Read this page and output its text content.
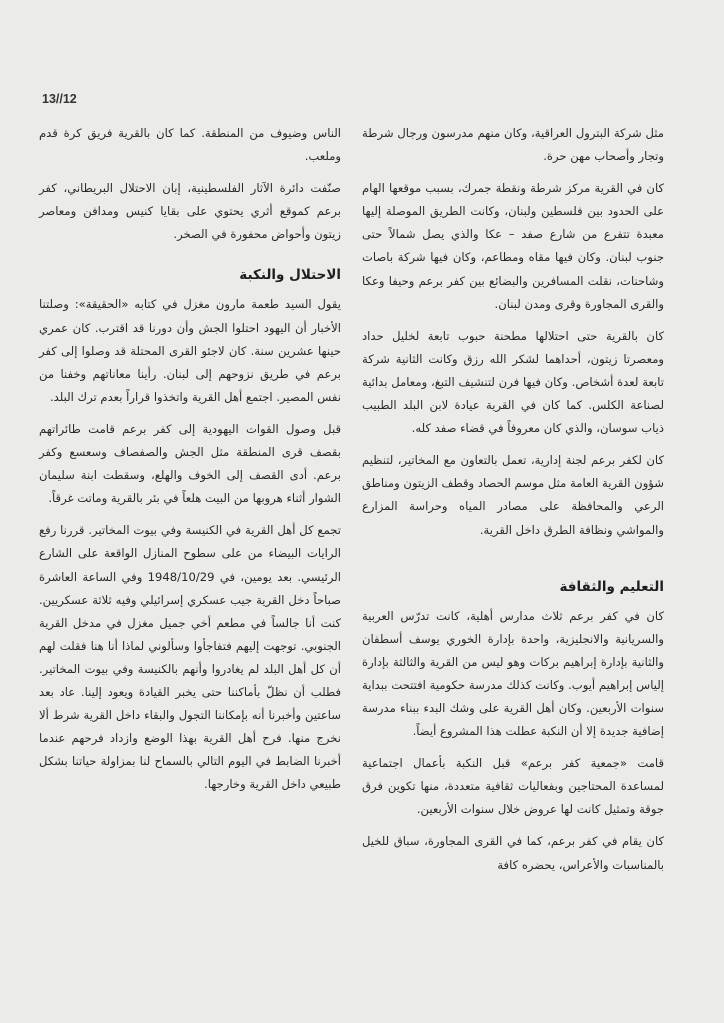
13//12

الناس وضيوف من المنطقة. كما كان بالقرية فريق كرة قدم وملعب.

صنّفت دائرة الآثار الفلسطينية، إبان الاحتلال البريطاني، كفر برعم كموقع أثري يحتوي على بقايا كنيس ومدافن ومعاصر زيتون وأحواض محفورة في الصخر.

الاحتلال والنكبة

يقول السيد طعمة مارون مغزل في كتابه «الحقيقة»: وصلتنا الأخبار أن اليهود احتلوا الجش وأن دورنا قد اقترب. كان عمري حينها عشرين سنة. كان لاجئو القرى المحتلة قد وصلوا إلى كفر برعم في طريق نزوحهم إلى لبنان. رأينا معاناتهم وخفنا من نفس المصير. اجتمع أهل القرية واتخذوا قراراً بعدم ترك البلد.

قبل وصول القوات اليهودية إلى كفر برعم قامت طائراتهم بقصف قرى المنطقة مثل الجش والصفصاف وسعسع وكفر برعم. أدى القصف إلى الخوف والهلع، وسقطت ابنة سليمان الشوار أثناء هروبها من البيت هلعاً في بئر بالقرية وماتت غرقاً.

تجمع كل أهل القرية في الكنيسة وفي بيوت المخاتير. قررنا رفع الرايات البيضاء من على سطوح المنازل الواقعة على الشارع الرئيسي. بعد يومين، في 1948/10/29 وفي الساعة العاشرة صباحاً دخل القرية جيب عسكري إسرائيلي وفيه ثلاثة عسكريين. كنت أنا جالساً في مطعم أخي جميل مغزل في مدخل القرية الجنوبي. توجهت إليهم فتفاجأوا وسألوني لماذا أنا هنا فقلت لهم أن كل أهل البلد لم يغادروا وأنهم بالكنيسة وفي بيوت المخاتير. فطلب أن نظلّ بأماكننا حتى يخبر القيادة ويعود إلينا. عاد بعد ساعتين وأخبرنا أنه بإمكاننا التجول والبقاء داخل القرية شرط ألا نخرج منها. فرح أهل القرية بهذا الوضع وازداد فرحهم عندما أخبرنا الضابط في اليوم التالي بالسماح لنا بمزاولة حياتنا بشكل طبيعي داخل القرية وخارجها.

مثل شركة البترول العراقية، وكان منهم مدرسون ورجال شرطة وتجار وأصحاب مهن حرة.

كان في القرية مركز شرطة ونقطة جمرك، بسبب موقعها الهام على الحدود بين فلسطين ولبنان، وكانت الطريق الموصلة إليها معبدة تتفرع من شارع صفد – عكا والذي يصل شمالاً حتى جنوب لبنان. وكان فيها مقاه ومطاعم، وكان فيها شركة باصات وشاحنات، نقلت المسافرين والبضائع بين كفر برعم وحيفا وعكا والقرى المجاورة وقرى ومدن لبنان.

كان بالقرية حتى احتلالها مطحنة حبوب تابعة لخليل حداد ومعصرتا زيتون، أحداهما لشكر الله رزق وكانت الثانية شركة تابعة لعدة أشخاص. وكان فيها فرن لتنشيف التبغ، ومعامل بدائية لصناعة الكلس. كما كان في القرية عيادة لابن البلد الطبيب ذياب سوسان، والذي كان معروفاً في قضاء صفد كله.

كان لكفر برعم لجنة إدارية، تعمل بالتعاون مع المخاتير، لتنظيم شؤون القرية العامة مثل موسم الحصاد وقطف الزيتون ومناطق الرعي والمحافظة على مصادر المياه وحراسة المزارع والمواشي ونظافة الطرق داخل القرية.

التعليم والثقافة

كان في كفر برعم ثلاث مدارس أهلية، كانت تدرّس العربية والسريانية والانجليزية، واحدة بإدارة الخوري يوسف أسطفان والثانية بإدارة إبراهيم بركات وهو ليس من القرية والثالثة بإدارة إلياس إبراهيم أيوب. وكانت كذلك مدرسة حكومية افتتحت ببداية سنوات الأربعين. وكان أهل القرية على وشك البدء ببناء مدرسة إضافية جديدة إلا أن النكبة عطلت هذا المشروع أيضاً.

قامت «جمعية كفر برعم» قبل النكبة بأعمال اجتماعية لمساعدة المحتاجين وبفعاليات ثقافية متعددة، منها تكوين فرق جوقة وتمثيل كانت لها عروض خلال سنوات الأربعين.

كان يقام في كفر برعم، كما في القرى المجاورة، سباق للخيل بالمناسبات والأعراس، يحضره كافة
